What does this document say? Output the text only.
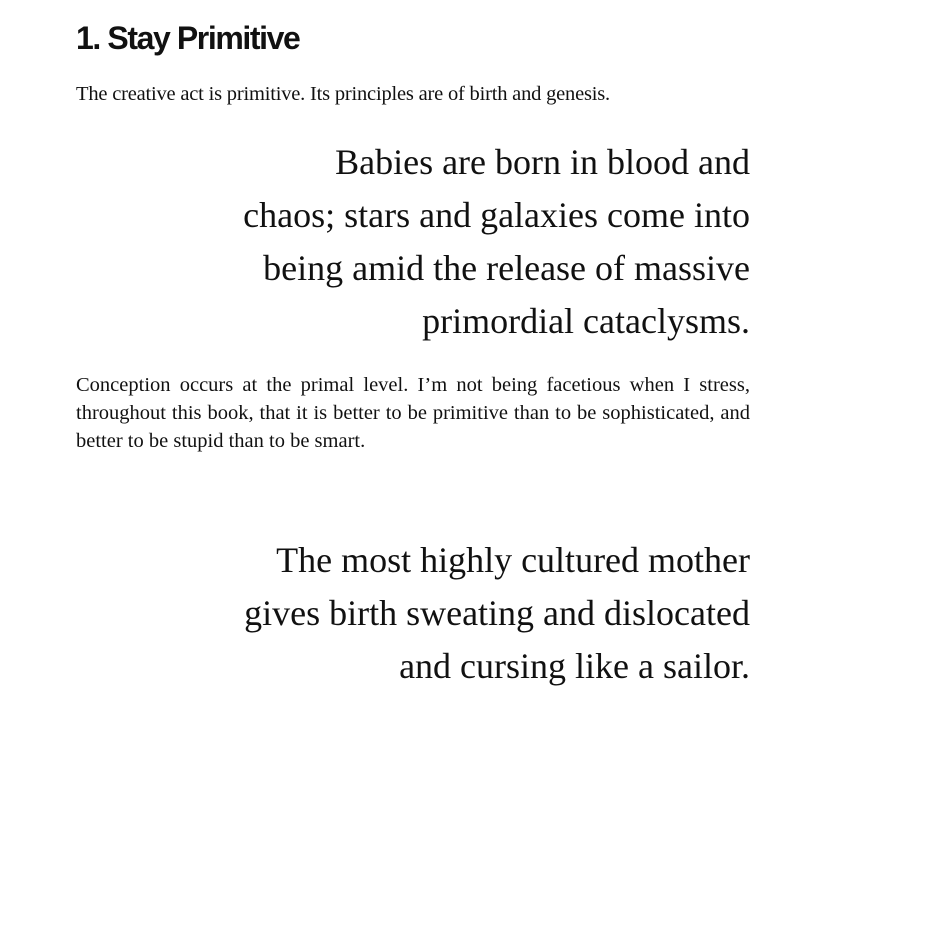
1. Stay Primitive

The creative act is primitive. Its principles are of birth and genesis.

Babies are born in blood and
chaos; stars and galaxies come into
being amid the release of massive
primordial cataclysms.

Conception occurs at the primal level. I’m not being facetious when I stress, throughout this book, that it is better to be primitive than to be sophisticated, and better to be stupid than to be smart.

The most highly cultured mother
gives birth sweating and dislocated
and cursing like a sailor.
